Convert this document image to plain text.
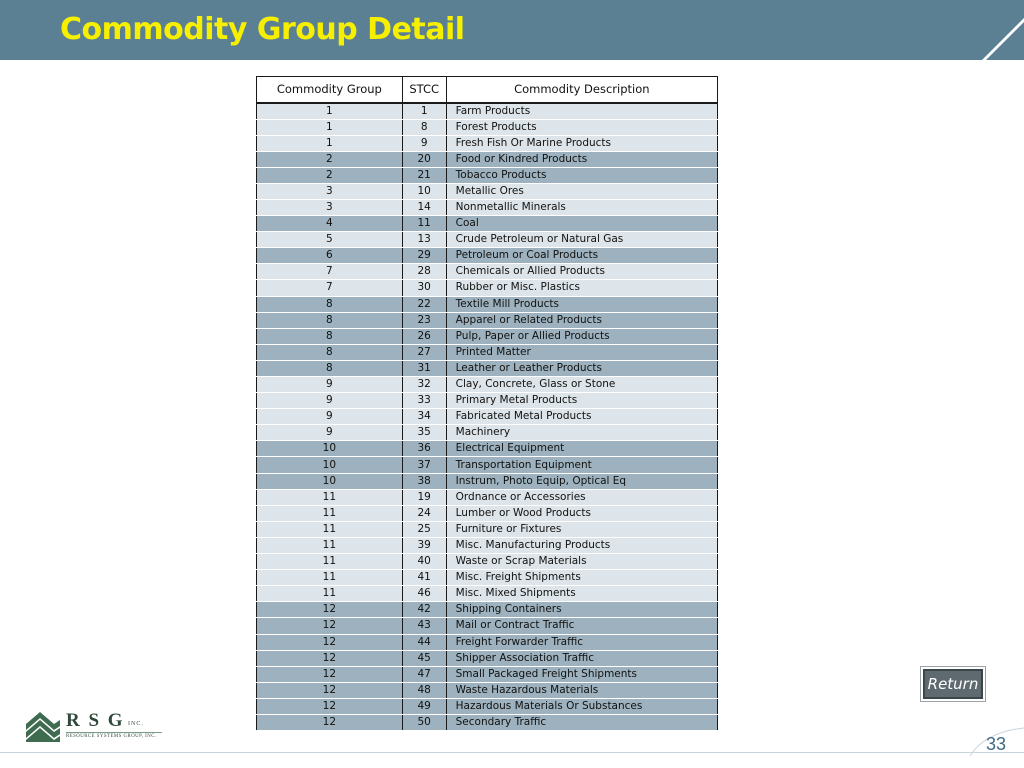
Commodity Group Detail
Commodity Group	STCC	Commodity Description
1	1	Farm Products
1	8	Forest Products
1	9	Fresh Fish Or Marine Products
2	20	Food or Kindred Products
2	21	Tobacco Products
3	10	Metallic Ores
3	14	Nonmetallic Minerals
4	11	Coal
5	13	Crude Petroleum or Natural Gas
6	29	Petroleum or Coal Products
7	28	Chemicals or Allied Products
7	30	Rubber or Misc. Plastics
8	22	Textile Mill Products
8	23	Apparel or Related Products
8	26	Pulp, Paper or Allied Products
8	27	Printed Matter
8	31	Leather or Leather Products
9	32	Clay, Concrete, Glass or Stone
9	33	Primary Metal Products
9	34	Fabricated Metal Products
9	35	Machinery
10	36	Electrical Equipment
10	37	Transportation Equipment
10	38	Instrum, Photo Equip, Optical Eq
11	19	Ordnance or Accessories
11	24	Lumber or Wood Products
11	25	Furniture or Fixtures
11	39	Misc. Manufacturing Products
11	40	Waste or Scrap Materials
11	41	Misc. Freight Shipments
11	46	Misc. Mixed Shipments
12	42	Shipping Containers
12	43	Mail or Contract Traffic
12	44	Freight Forwarder Traffic
12	45	Shipper Association Traffic
12	47	Small Packaged Freight Shipments
12	48	Waste Hazardous Materials
12	49	Hazardous Materials Or Substances
12	50	Secondary Traffic
Return
R S G INC.
RESOURCE SYSTEMS GROUP, INC.	33
